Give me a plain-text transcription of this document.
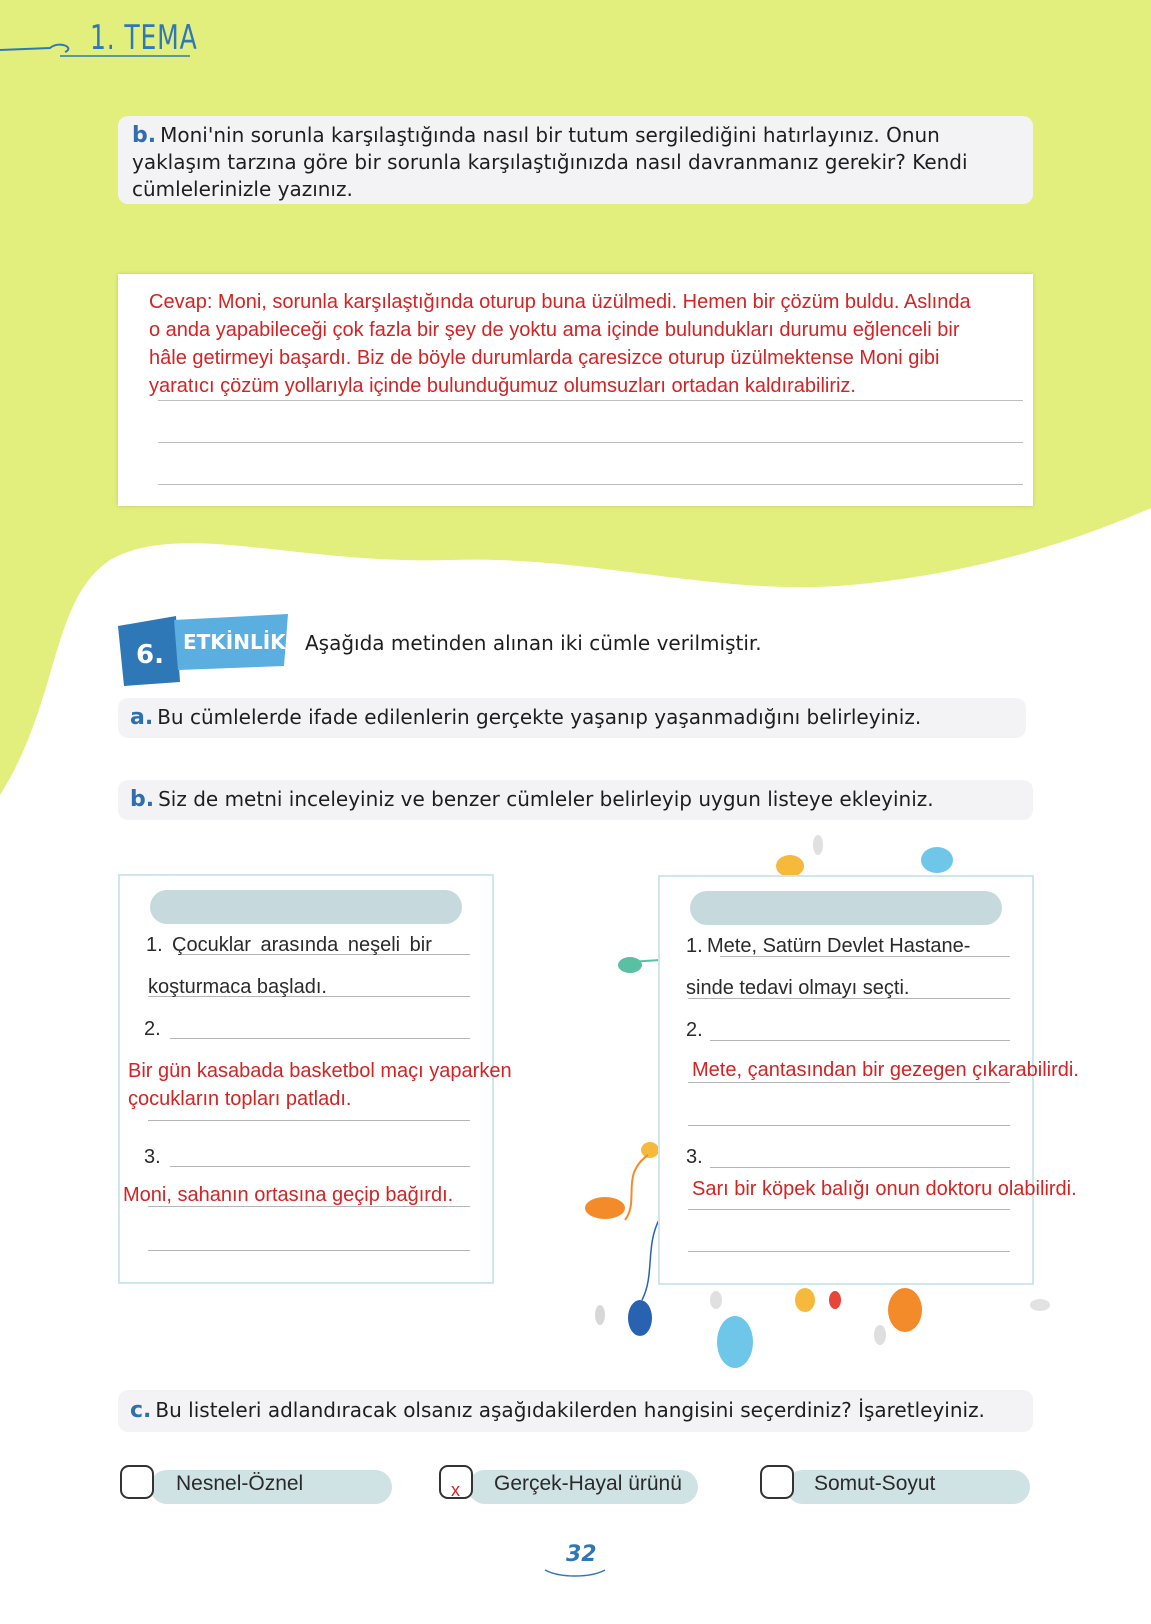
1. TEMA
b. Moni'nin sorunla karşılaştığında nasıl bir tutum sergilediğini hatırlayınız. Onun yaklaşım tarzına göre bir sorunla karşılaştığınızda nasıl davranmanız gerekir? Kendi cümlelerinizle yazınız.
Cevap: Moni, sorunla karşılaştığında oturup buna üzülmedi. Hemen bir çözüm buldu. Aslında
o anda yapabileceği çok fazla bir şey de yoktu ama içinde bulundukları durumu eğlenceli bir
hâle getirmeyi başardı. Biz de böyle durumlarda çaresizce oturup üzülmektense Moni gibi
yaratıcı çözüm yollarıyla içinde bulunduğumuz olumsuzları ortadan kaldırabiliriz.
6. ETKİNLİK Aşağıda metinden alınan iki cümle verilmiştir.
a. Bu cümlelerde ifade edilenlerin gerçekte yaşanıp yaşanmadığını belirleyiniz.
b. Siz de metni inceleyiniz ve benzer cümleler belirleyip uygun listeye ekleyiniz.
1. Çocuklar arasında neşeli bir
koşturmaca başladı.
2.
Bir gün kasabada basketbol maçı yaparken
çocukların topları patladı.
3.
Moni, sahanın ortasına geçip bağırdı.
1. Mete, Satürn Devlet Hastane-
sinde tedavi olmayı seçti.
2.
Mete, çantasından bir gezegen çıkarabilirdi.
3.
Sarı bir köpek balığı onun doktoru olabilirdi.
c. Bu listeleri adlandıracak olsanız aşağıdakilerden hangisini seçerdiniz? İşaretleyiniz.
Nesnel-Öznel	x Gerçek-Hayal ürünü	Somut-Soyut
32
